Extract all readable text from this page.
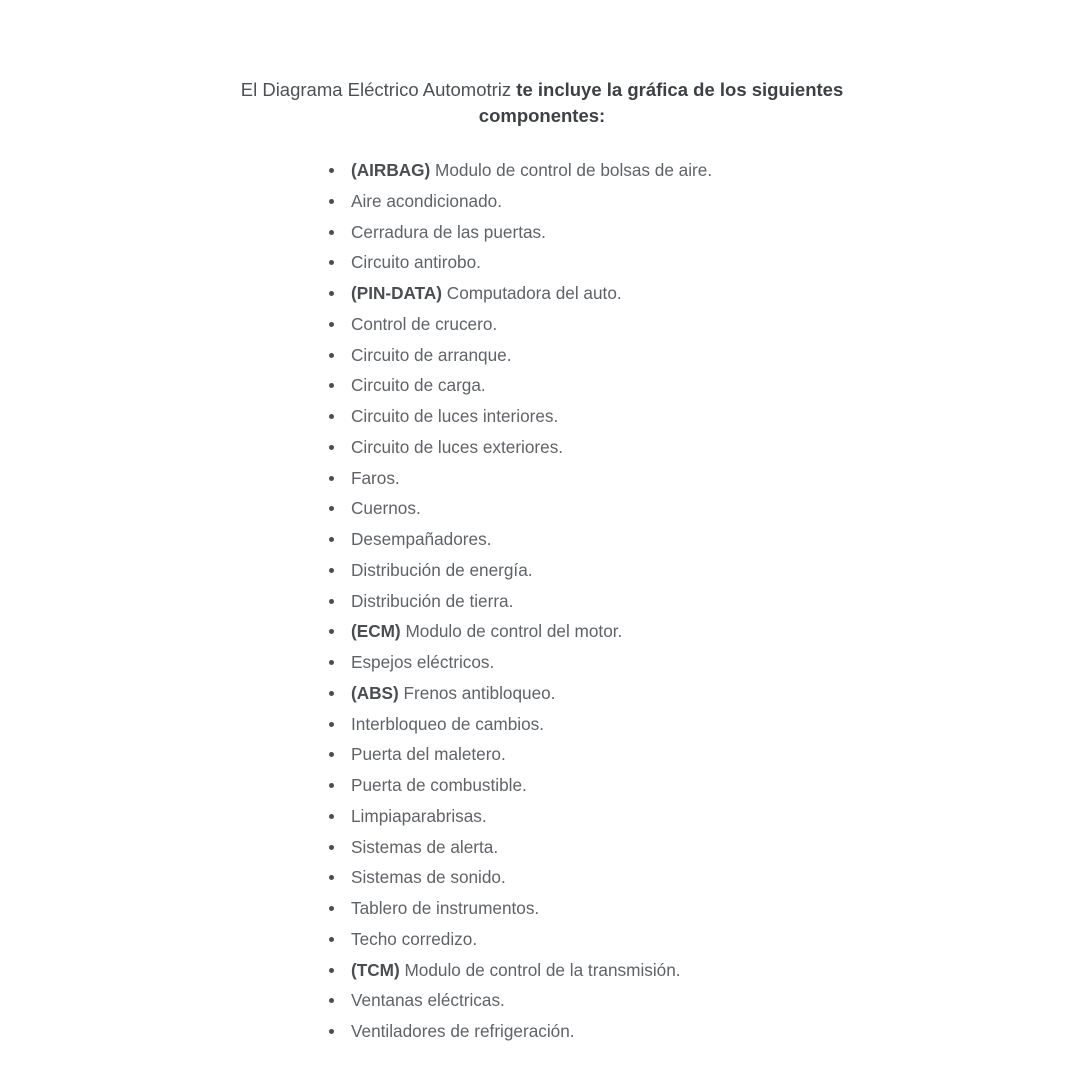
El Diagrama Eléctrico Automotriz te incluye la gráfica de los siguientes componentes:

(AIRBAG) Modulo de control de bolsas de aire.
Aire acondicionado.
Cerradura de las puertas.
Circuito antirobo.
(PIN-DATA) Computadora del auto.
Control de crucero.
Circuito de arranque.
Circuito de carga.
Circuito de luces interiores.
Circuito de luces exteriores.
Faros.
Cuernos.
Desempañadores.
Distribución de energía.
Distribución de tierra.
(ECM) Modulo de control del motor.
Espejos eléctricos.
(ABS) Frenos antibloqueo.
Interbloqueo de cambios.
Puerta del maletero.
Puerta de combustible.
Limpiaparabrisas.
Sistemas de alerta.
Sistemas de sonido.
Tablero de instrumentos.
Techo corredizo.
(TCM) Modulo de control de la transmisión.
Ventanas eléctricas.
Ventiladores de refrigeración.
